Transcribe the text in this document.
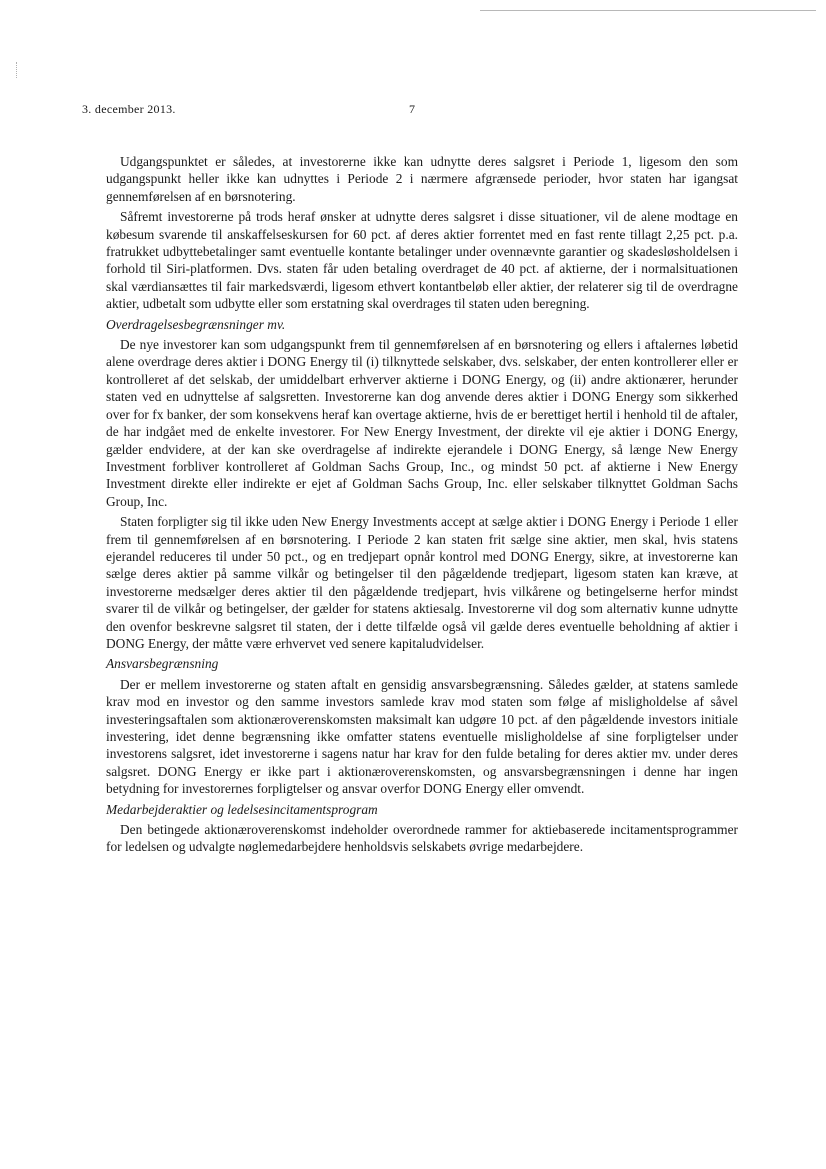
3. december 2013.	7

Udgangspunktet er således, at investorerne ikke kan udnytte deres salgsret i Periode 1, ligesom den som udgangspunkt heller ikke kan udnyttes i Periode 2 i nærmere afgrænsede perioder, hvor staten har igangsat gennemførelsen af en børsnotering.

Såfremt investorerne på trods heraf ønsker at udnytte deres salgsret i disse situationer, vil de alene modtage en købesum svarende til anskaffelseskursen for 60 pct. af deres aktier forrentet med en fast rente tillagt 2,25 pct. p.a. fratrukket udbyttebetalinger samt eventuelle kontante betalinger under ovennævnte garantier og skadesløsholdelsen i forhold til Siri-platformen. Dvs. staten får uden betaling overdraget de 40 pct. af aktierne, der i normalsituationen skal værdiansættes til fair markedsværdi, ligesom ethvert kontantbeløb eller aktier, der relaterer sig til de overdragne aktier, udbetalt som udbytte eller som erstatning skal overdrages til staten uden beregning.

Overdragelsesbegrænsninger mv.

De nye investorer kan som udgangspunkt frem til gennemførelsen af en børsnotering og ellers i aftalernes løbetid alene overdrage deres aktier i DONG Energy til (i) tilknyttede selskaber, dvs. selskaber, der enten kontrollerer eller er kontrolleret af det selskab, der umiddelbart erhverver aktierne i DONG Energy, og (ii) andre aktionærer, herunder staten ved en udnyttelse af salgsretten. Investorerne kan dog anvende deres aktier i DONG Energy som sikkerhed over for fx banker, der som konsekvens heraf kan overtage aktierne, hvis de er berettiget hertil i henhold til de aftaler, de har indgået med de enkelte investorer. For New Energy Investment, der direkte vil eje aktier i DONG Energy, gælder endvidere, at der kan ske overdragelse af indirekte ejerandele i DONG Energy, så længe New Energy Investment forbliver kontrolleret af Goldman Sachs Group, Inc., og mindst 50 pct. af aktierne i New Energy Investment direkte eller indirekte er ejet af Goldman Sachs Group, Inc. eller selskaber tilknyttet Goldman Sachs Group, Inc.

Staten forpligter sig til ikke uden New Energy Investments accept at sælge aktier i DONG Energy i Periode 1 eller frem til gennemførelsen af en børsnotering. I Periode 2 kan staten frit sælge sine aktier, men skal, hvis statens ejerandel reduceres til under 50 pct., og en tredjepart opnår kontrol med DONG Energy, sikre, at investorerne kan sælge deres aktier på samme vilkår og betingelser til den pågældende tredjepart, ligesom staten kan kræve, at investorerne medsælger deres aktier til den pågældende tredjepart, hvis vilkårene og betingelserne herfor mindst svarer til de vilkår og betingelser, der gælder for statens aktiesalg. Investorerne vil dog som alternativ kunne udnytte den ovenfor beskrevne salgsret til staten, der i dette tilfælde også vil gælde deres eventuelle beholdning af aktier i DONG Energy, der måtte være erhvervet ved senere kapitaludvidelser.

Ansvarsbegrænsning

Der er mellem investorerne og staten aftalt en gensidig ansvarsbegrænsning. Således gælder, at statens samlede krav mod en investor og den samme investors samlede krav mod staten som følge af misligholdelse af såvel investeringsaftalen som aktionæroverenskomsten maksimalt kan udgøre 10 pct. af den pågældende investors initiale investering, idet denne begrænsning ikke omfatter statens eventuelle misligholdelse af sine forpligtelser under investorens salgsret, idet investorerne i sagens natur har krav for den fulde betaling for deres aktier mv. under deres salgsret. DONG Energy er ikke part i aktionæroverenskomsten, og ansvarsbegrænsningen i denne har ingen betydning for investorernes forpligtelser og ansvar overfor DONG Energy eller omvendt.

Medarbejderaktier og ledelsesincitamentsprogram

Den betingede aktionæroverenskomst indeholder overordnede rammer for aktiebaserede incitamentsprogrammer for ledelsen og udvalgte nøglemedarbejdere henholdsvis selskabets øvrige medarbejdere.
